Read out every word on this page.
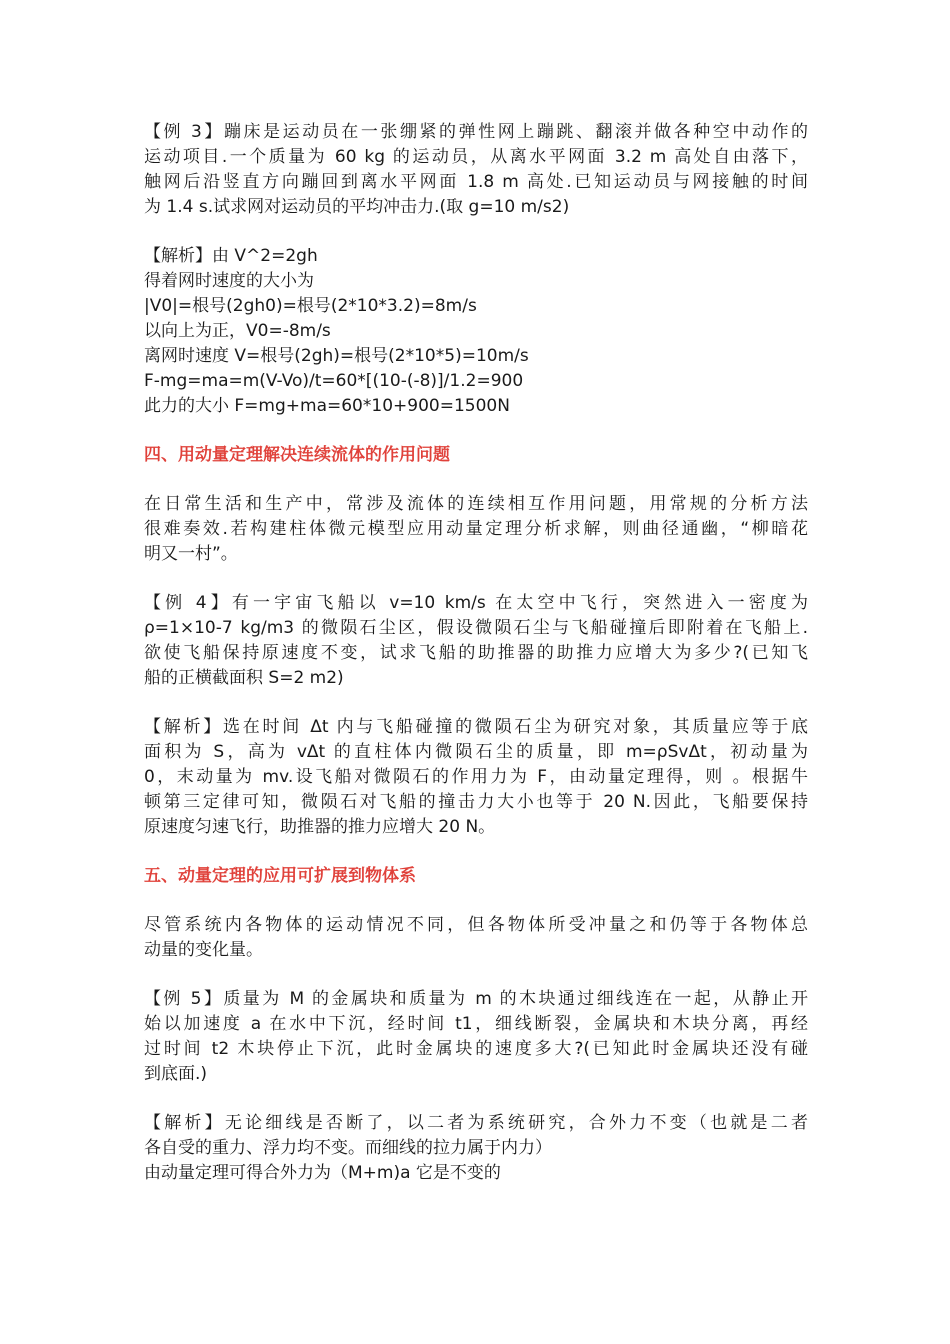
【例 3】蹦床是运动员在一张绷紧的弹性网上蹦跳、翻滚并做各种空中动作的
运动项目.一个质量为 60 kg 的运动员，从离水平网面 3.2 m 高处自由落下，
触网后沿竖直方向蹦回到离水平网面 1.8 m 高处.已知运动员与网接触的时间
为 1.4 s.试求网对运动员的平均冲击力.(取 g=10 m/s2)
【解析】由 V^2=2gh
得着网时速度的大小为
|V0|=根号(2gh0)=根号(2*10*3.2)=8m/s
以向上为正，V0=-8m/s
离网时速度 V=根号(2gh)=根号(2*10*5)=10m/s
F-mg=ma=m(V-Vo)/t=60*[(10-(-8)]/1.2=900
此力的大小 F=mg+ma=60*10+900=1500N
四、用动量定理解决连续流体的作用问题
在日常生活和生产中，常涉及流体的连续相互作用问题，用常规的分析方法
很难奏效.若构建柱体微元模型应用动量定理分析求解，则曲径通幽，“柳暗花
明又一村”。
【例 4】有一宇宙飞船以 v=10 km/s 在太空中飞行，突然进入一密度为
ρ=1×10-7 kg/m3 的微陨石尘区，假设微陨石尘与飞船碰撞后即附着在飞船上.
欲使飞船保持原速度不变，试求飞船的助推器的助推力应增大为多少?(已知飞
船的正横截面积 S=2 m2)
【解析】选在时间 Δt 内与飞船碰撞的微陨石尘为研究对象，其质量应等于底
面积为 S，高为 vΔt 的直柱体内微陨石尘的质量，即 m=ρSvΔt，初动量为
0，末动量为 mv.设飞船对微陨石的作用力为 F，由动量定理得，则 。根据牛
顿第三定律可知，微陨石对飞船的撞击力大小也等于 20 N.因此，飞船要保持
原速度匀速飞行，助推器的推力应增大 20 N。
五、动量定理的应用可扩展到物体系
尽管系统内各物体的运动情况不同，但各物体所受冲量之和仍等于各物体总
动量的变化量。
【例 5】质量为 M 的金属块和质量为 m 的木块通过细线连在一起，从静止开
始以加速度 a 在水中下沉，经时间 t1，细线断裂，金属块和木块分离，再经
过时间 t2 木块停止下沉，此时金属块的速度多大?(已知此时金属块还没有碰
到底面.)
【解析】无论细线是否断了，以二者为系统研究，合外力不变（也就是二者
各自受的重力、浮力均不变。而细线的拉力属于内力）
由动量定理可得合外力为（M+m)a 它是不变的
